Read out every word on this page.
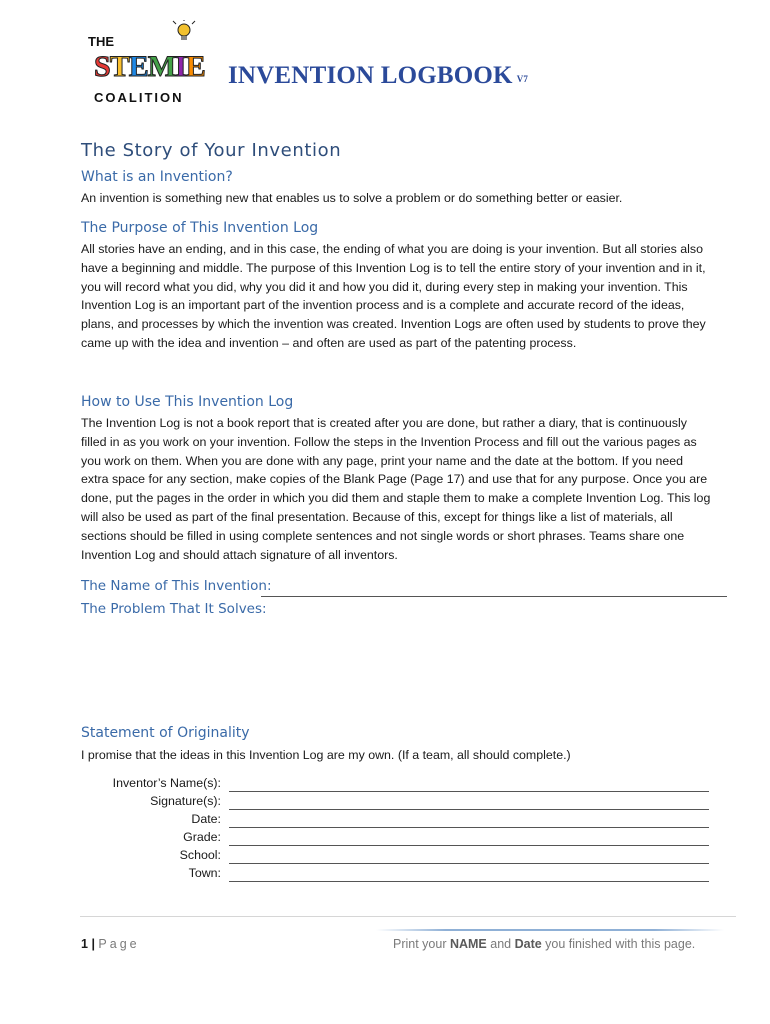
THE
STEMIE
COALITION
INVENTION LOGBOOK V7
The Story of Your Invention
What is an Invention?
An invention is something new that enables us to solve a problem or do something better or easier.
The Purpose of This Invention Log
All stories have an ending, and in this case, the ending of what you are doing is your invention. But all stories also
have a beginning and middle. The purpose of this Invention Log is to tell the entire story of your invention and in it,
you will record what you did, why you did it and how you did it, during every step in making your invention. This
Invention Log is an important part of the invention process and is a complete and accurate record of the ideas,
plans, and processes by which the invention was created. Invention Logs are often used by students to prove they
came up with the idea and invention – and often are used as part of the patenting process.
How to Use This Invention Log
The Invention Log is not a book report that is created after you are done, but rather a diary, that is continuously
filled in as you work on your invention. Follow the steps in the Invention Process and fill out the various pages as
you work on them. When you are done with any page, print your name and the date at the bottom. If you need
extra space for any section, make copies of the Blank Page (Page 17) and use that for any purpose. Once you are
done, put the pages in the order in which you did them and staple them to make a complete Invention Log. This log
will also be used as part of the final presentation. Because of this, except for things like a list of materials, all
sections should be filled in using complete sentences and not single words or short phrases. Teams share one
Invention Log and should attach signature of all inventors.
The Name of This Invention:
The Problem That It Solves:
Statement of Originality
I promise that the ideas in this Invention Log are my own. (If a team, all should complete.)
Inventor’s Name(s):
Signature(s):
Date:
Grade:
School:
Town:
1 | Page	Print your NAME and Date you finished with this page.
